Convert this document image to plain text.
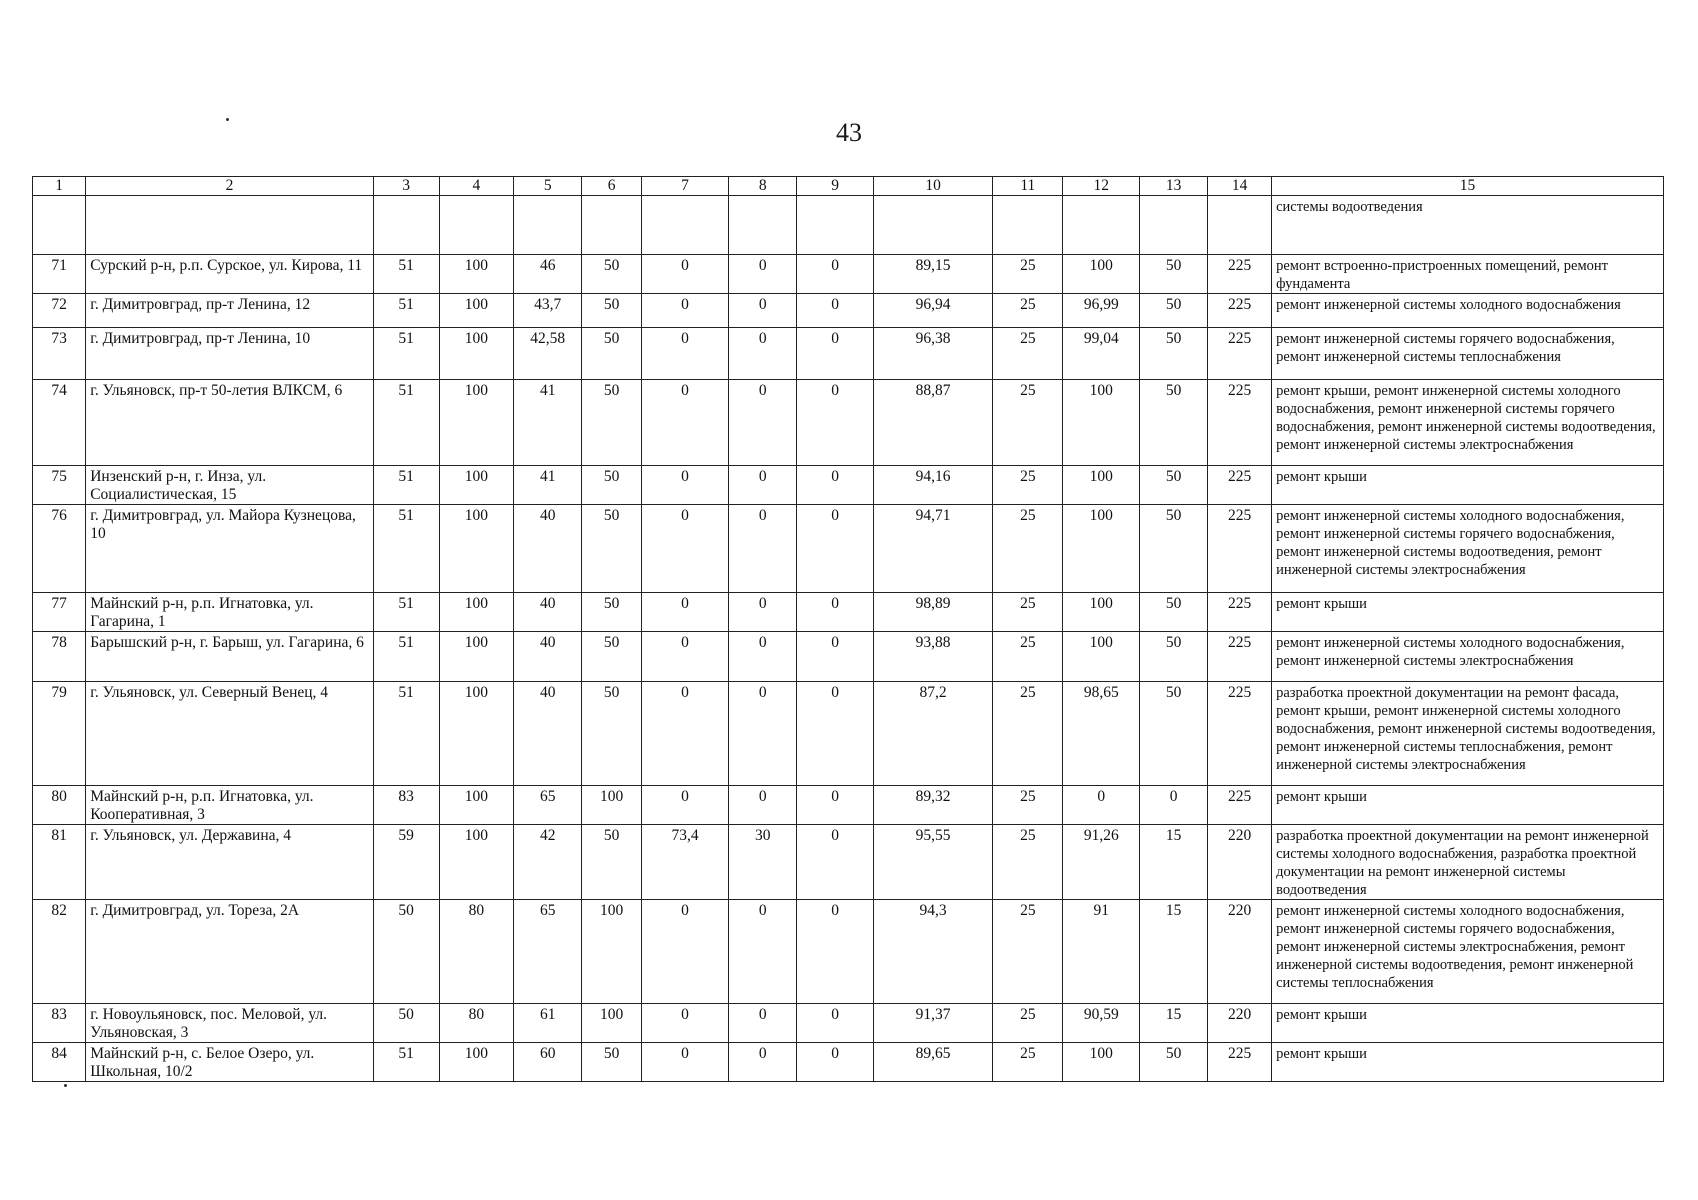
43
1	2	3	4	5	6	7	8	9	10	11	12	13	14	15
														системы водоотведения
71	Сурский р-н, р.п. Сурское, ул. Кирова, 11	51	100	46	50	0	0	0	89,15	25	100	50	225	ремонт встроенно-пристроенных помещений, ремонт фундамента
72	г. Димитровград, пр-т Ленина, 12	51	100	43,7	50	0	0	0	96,94	25	96,99	50	225	ремонт инженерной системы холодного водоснабжения
73	г. Димитровград, пр-т Ленина, 10	51	100	42,58	50	0	0	0	96,38	25	99,04	50	225	ремонт инженерной системы горячего водоснабжения, ремонт инженерной системы теплоснабжения
74	г. Ульяновск, пр-т 50-летия ВЛКСМ, 6	51	100	41	50	0	0	0	88,87	25	100	50	225	ремонт крыши, ремонт инженерной системы холодного водоснабжения, ремонт инженерной системы горячего водоснабжения, ремонт инженерной системы водоотведения, ремонт инженерной системы электроснабжения
75	Инзенский р-н, г. Инза, ул. Социалистическая, 15	51	100	41	50	0	0	0	94,16	25	100	50	225	ремонт крыши
76	г. Димитровград, ул. Майора Кузнецова, 10	51	100	40	50	0	0	0	94,71	25	100	50	225	ремонт инженерной системы холодного водоснабжения, ремонт инженерной системы горячего водоснабжения, ремонт инженерной системы водоотведения, ремонт инженерной системы электроснабжения
77	Майнский р-н, р.п. Игнатовка, ул. Гагарина, 1	51	100	40	50	0	0	0	98,89	25	100	50	225	ремонт крыши
78	Барышский р-н, г. Барыш, ул. Гагарина, 6	51	100	40	50	0	0	0	93,88	25	100	50	225	ремонт инженерной системы холодного водоснабжения, ремонт инженерной системы электроснабжения
79	г. Ульяновск, ул. Северный Венец, 4	51	100	40	50	0	0	0	87,2	25	98,65	50	225	разработка проектной документации на ремонт фасада, ремонт крыши, ремонт инженерной системы холодного водоснабжения, ремонт инженерной системы водоотведения, ремонт инженерной системы теплоснабжения, ремонт инженерной системы электроснабжения
80	Майнский р-н, р.п. Игнатовка, ул. Кооперативная, 3	83	100	65	100	0	0	0	89,32	25	0	0	225	ремонт крыши
81	г. Ульяновск, ул. Державина, 4	59	100	42	50	73,4	30	0	95,55	25	91,26	15	220	разработка проектной документации на ремонт инженерной системы холодного водоснабжения, разработка проектной документации на ремонт инженерной системы водоотведения
82	г. Димитровград, ул. Тореза, 2А	50	80	65	100	0	0	0	94,3	25	91	15	220	ремонт инженерной системы холодного водоснабжения, ремонт инженерной системы горячего водоснабжения, ремонт инженерной системы электроснабжения, ремонт инженерной системы водоотведения, ремонт инженерной системы теплоснабжения
83	г. Новоульяновск, пос. Меловой, ул. Ульяновская, 3	50	80	61	100	0	0	0	91,37	25	90,59	15	220	ремонт крыши
84	Майнский р-н, с. Белое Озеро, ул. Школьная, 10/2	51	100	60	50	0	0	0	89,65	25	100	50	225	ремонт крыши
